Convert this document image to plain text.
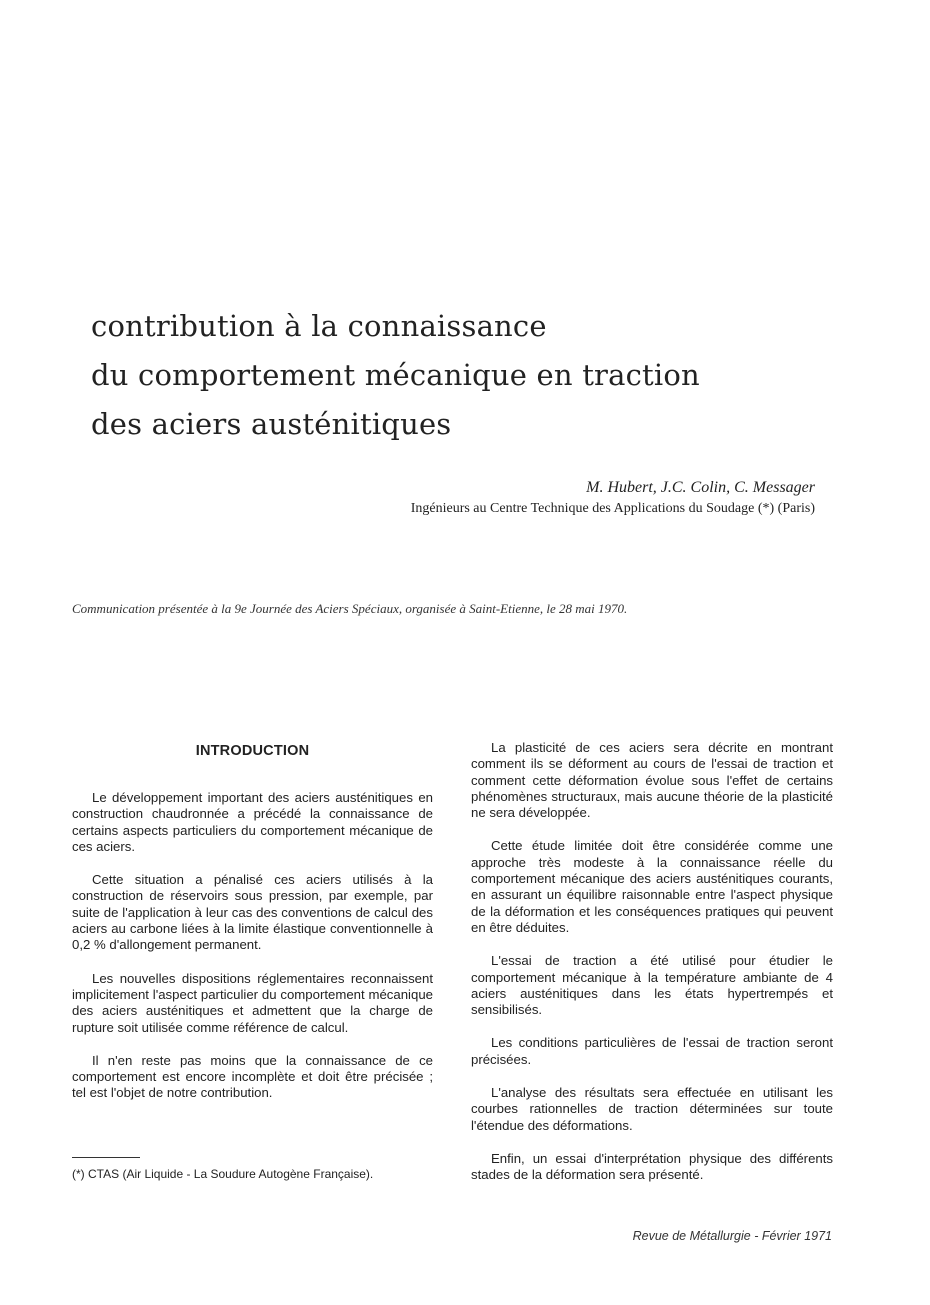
contribution à la connaissance
du comportement mécanique en traction
des aciers austénitiques
M. Hubert, J.C. Colin, C. Messager
Ingénieurs au Centre Technique des Applications du Soudage (*) (Paris)
Communication présentée à la 9e Journée des Aciers Spéciaux, organisée à Saint-Etienne, le 28 mai 1970.
INTRODUCTION

Le développement important des aciers austénitiques en construction chaudronnée a précédé la connaissance de certains aspects particuliers du comportement mécanique de ces aciers.

Cette situation a pénalisé ces aciers utilisés à la construction de réservoirs sous pression, par exemple, par suite de l'application à leur cas des conventions de calcul des aciers au carbone liées à la limite élastique conventionnelle à 0,2 % d'allongement permanent.

Les nouvelles dispositions réglementaires reconnaissent implicitement l'aspect particulier du comportement mécanique des aciers austénitiques et admettent que la charge de rupture soit utilisée comme référence de calcul.

Il n'en reste pas moins que la connaissance de ce comportement est encore incomplète et doit être précisée ; tel est l'objet de notre contribution.

La plasticité de ces aciers sera décrite en montrant comment ils se déforment au cours de l'essai de traction et comment cette déformation évolue sous l'effet de certains phénomènes structuraux, mais aucune théorie de la plasticité ne sera développée.

Cette étude limitée doit être considérée comme une approche très modeste à la connaissance réelle du comportement mécanique des aciers austénitiques courants, en assurant un équilibre raisonnable entre l'aspect physique de la déformation et les conséquences pratiques qui peuvent en être déduites.

L'essai de traction a été utilisé pour étudier le comportement mécanique à la température ambiante de 4 aciers austénitiques dans les états hypertrempés et sensibilisés.

Les conditions particulières de l'essai de traction seront précisées.

L'analyse des résultats sera effectuée en utilisant les courbes rationnelles de traction déterminées sur toute l'étendue des déformations.

Enfin, un essai d'interprétation physique des différents stades de la déformation sera présenté.

(*) CTAS (Air Liquide - La Soudure Autogène Française).
Revue de Métallurgie - Février 1971
